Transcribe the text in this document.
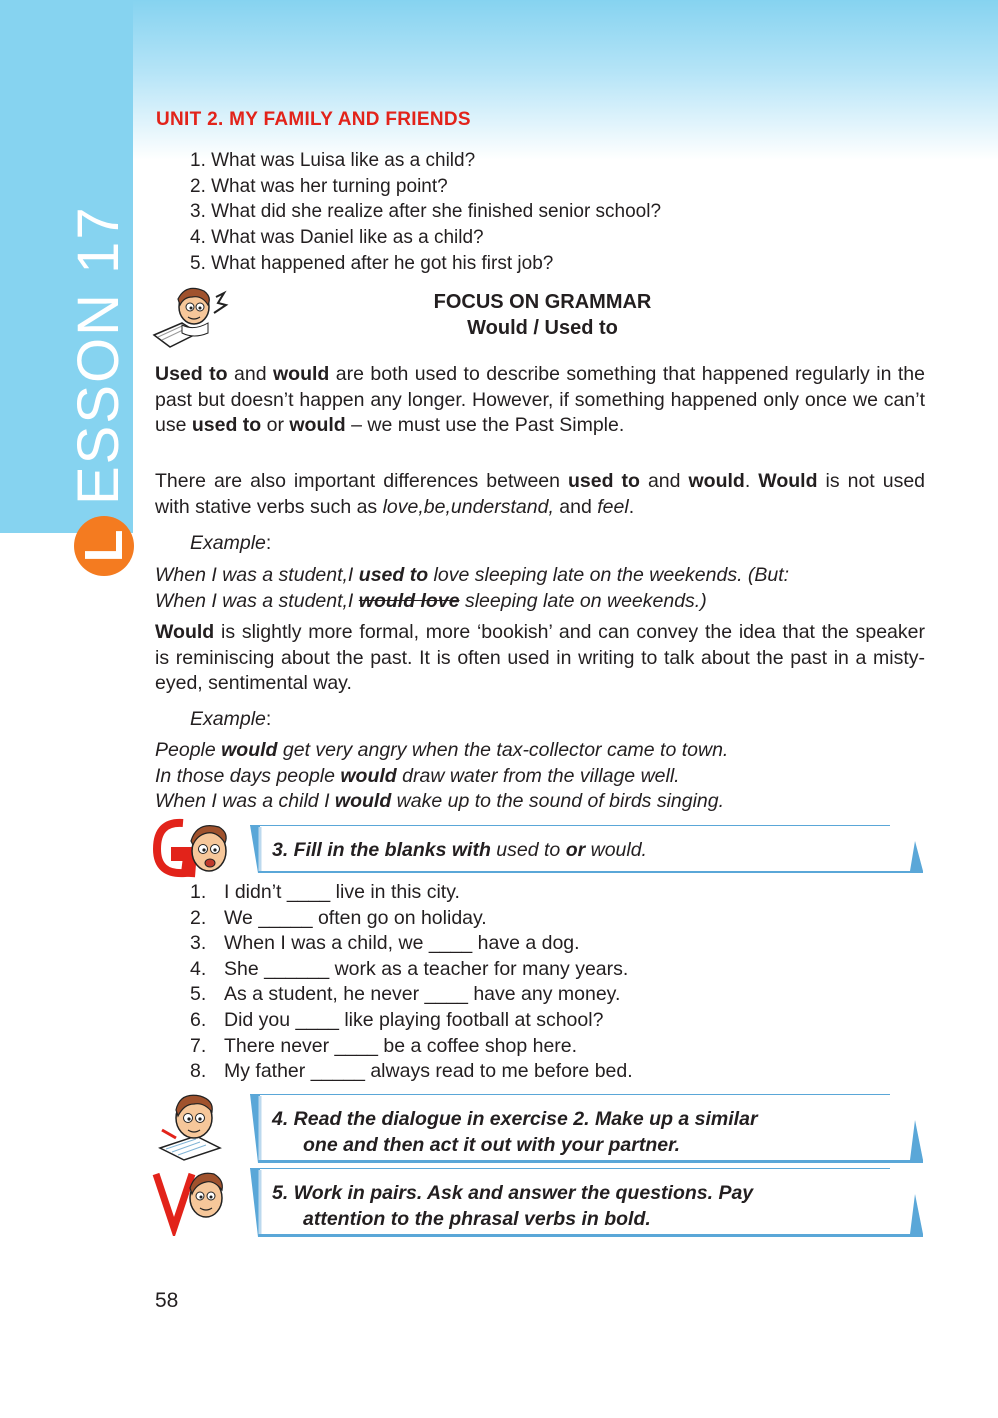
ESSON 17
L
UNIT 2. MY FAMILY AND FRIENDS
1. What was Luisa like as a child?
2. What was her turning point?
3. What did she realize after she finished senior school?
4. What was Daniel like as a child?
5. What happened after he got his first job?
FOCUS ON GRAMMAR
Would / Used to
Used to and would are both used to describe something that happened regularly in the past but doesn’t happen any longer. However, if something happened only once we can’t use used to or would – we must use the Past Simple.
There are also important differences between used to and would. Would is not used with stative verbs such as love,be,understand, and feel.
Example:
When I was a student,I used to love sleeping late on the weekends. (But:
When I was a student,I would love sleeping late on weekends.)
Would is slightly more formal, more ‘bookish’ and can convey the idea that the speaker is reminiscing about the past. It is often used in writing to talk about the past in a misty-eyed, sentimental way.
Example:
People would get very angry when the tax-collector came to town.
In those days people would draw water from the village well.
When I was a child I would wake up to the sound of birds singing.
3. Fill in the blanks with used to or would.
1. I didn’t ____ live in this city.
2. We _____ often go on holiday.
3. When I was a child, we ____ have a dog.
4. She ______ work as a teacher for many years.
5. As a student, he never ____ have any money.
6. Did you ____ like playing football at school?
7. There never ____ be a coffee shop here.
8. My father _____ always read to me before bed.
4. Read the dialogue in exercise 2. Make up a similar
one and then act it out with your partner.
5. Work in pairs. Ask and answer the questions. Pay
attention to the phrasal verbs in bold.
58
